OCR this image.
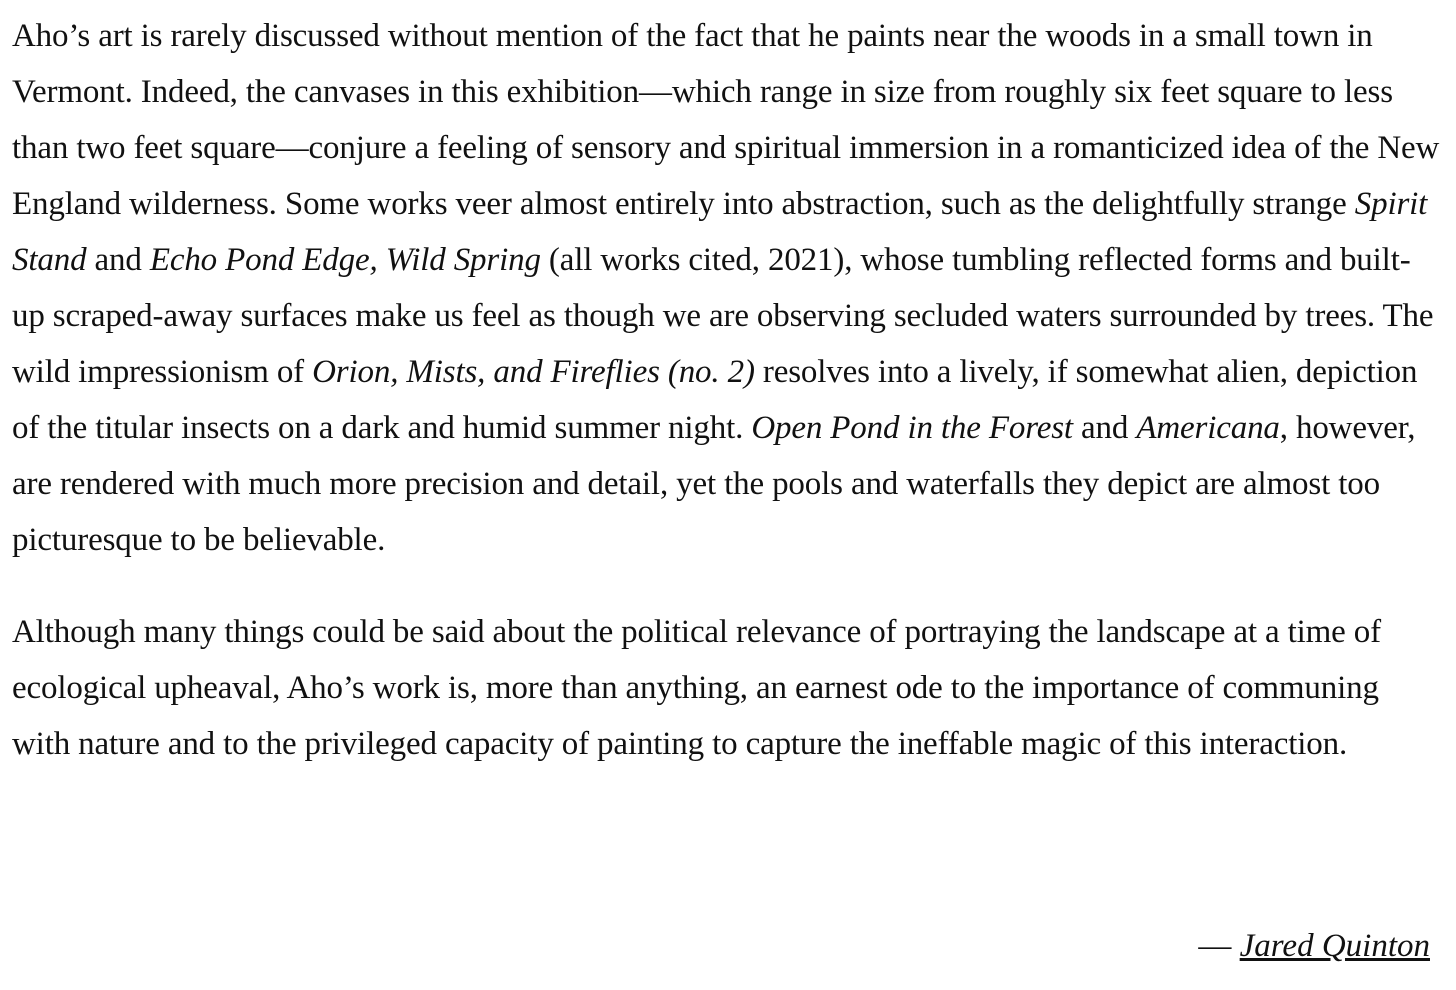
Aho’s art is rarely discussed without mention of the fact that he paints near the woods in a small town in Vermont. Indeed, the canvases in this exhibition—which range in size from roughly six feet square to less than two feet square—conjure a feeling of sensory and spiritual immersion in a romanticized idea of the New England wilderness. Some works veer almost entirely into abstraction, such as the delightfully strange Spirit Stand and Echo Pond Edge, Wild Spring (all works cited, 2021), whose tumbling reflected forms and built-up scraped-away surfaces make us feel as though we are observing secluded waters surrounded by trees. The wild impressionism of Orion, Mists, and Fireflies (no. 2) resolves into a lively, if somewhat alien, depiction of the titular insects on a dark and humid summer night. Open Pond in the Forest and Americana, however, are rendered with much more precision and detail, yet the pools and waterfalls they depict are almost too picturesque to be believable.

Although many things could be said about the political relevance of portraying the landscape at a time of ecological upheaval, Aho’s work is, more than anything, an earnest ode to the importance of communing with nature and to the privileged capacity of painting to capture the ineffable magic of this interaction.

— Jared Quinton
